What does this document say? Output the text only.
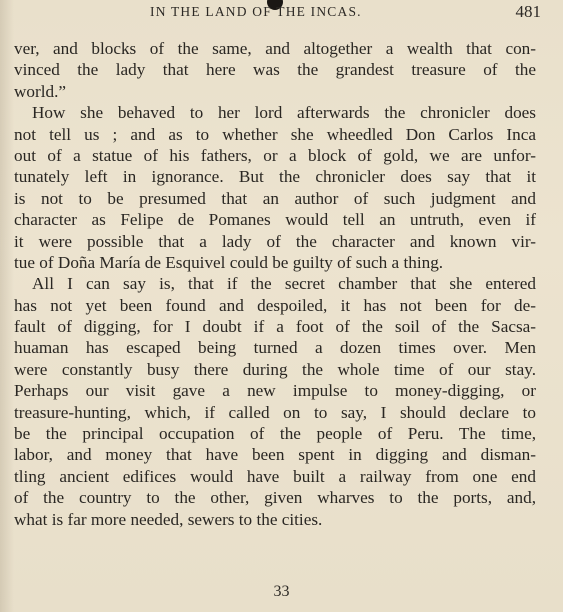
IN THE LAND OF THE INCAS.	481
ver, and blocks of the same, and altogether a wealth that con-
vinced the lady that here was the grandest treasure of the
world.”
How she behaved to her lord afterwards the chronicler does
not tell us ; and as to whether she wheedled Don Carlos Inca
out of a statue of his fathers, or a block of gold, we are unfor-
tunately left in ignorance. But the chronicler does say that it
is not to be presumed that an author of such judgment and
character as Felipe de Pomanes would tell an untruth, even if
it were possible that a lady of the character and known vir-
tue of Doña María de Esquivel could be guilty of such a thing.
All I can say is, that if the secret chamber that she entered
has not yet been found and despoiled, it has not been for de-
fault of digging, for I doubt if a foot of the soil of the Sacsa-
huaman has escaped being turned a dozen times over. Men
were constantly busy there during the whole time of our stay.
Perhaps our visit gave a new impulse to money-digging, or
treasure-hunting, which, if called on to say, I should declare to
be the principal occupation of the people of Peru. The time,
labor, and money that have been spent in digging and disman-
tling ancient edifices would have built a railway from one end
of the country to the other, given wharves to the ports, and,
what is far more needed, sewers to the cities.
33
